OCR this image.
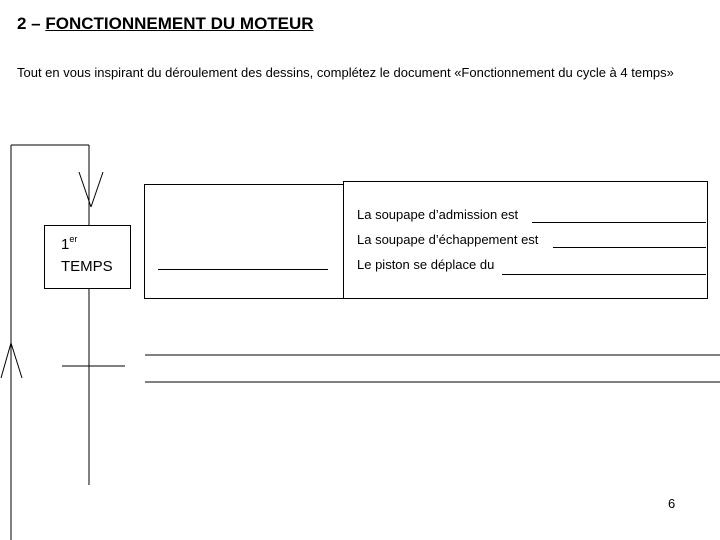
2 – FONCTIONNEMENT DU MOTEUR
Tout en vous inspirant du déroulement des dessins, complétez le document «Fonctionnement du cycle à 4 temps»
1er
TEMPS
La soupape d’admission est
La soupape d’échappement est
Le piston se déplace du
6
